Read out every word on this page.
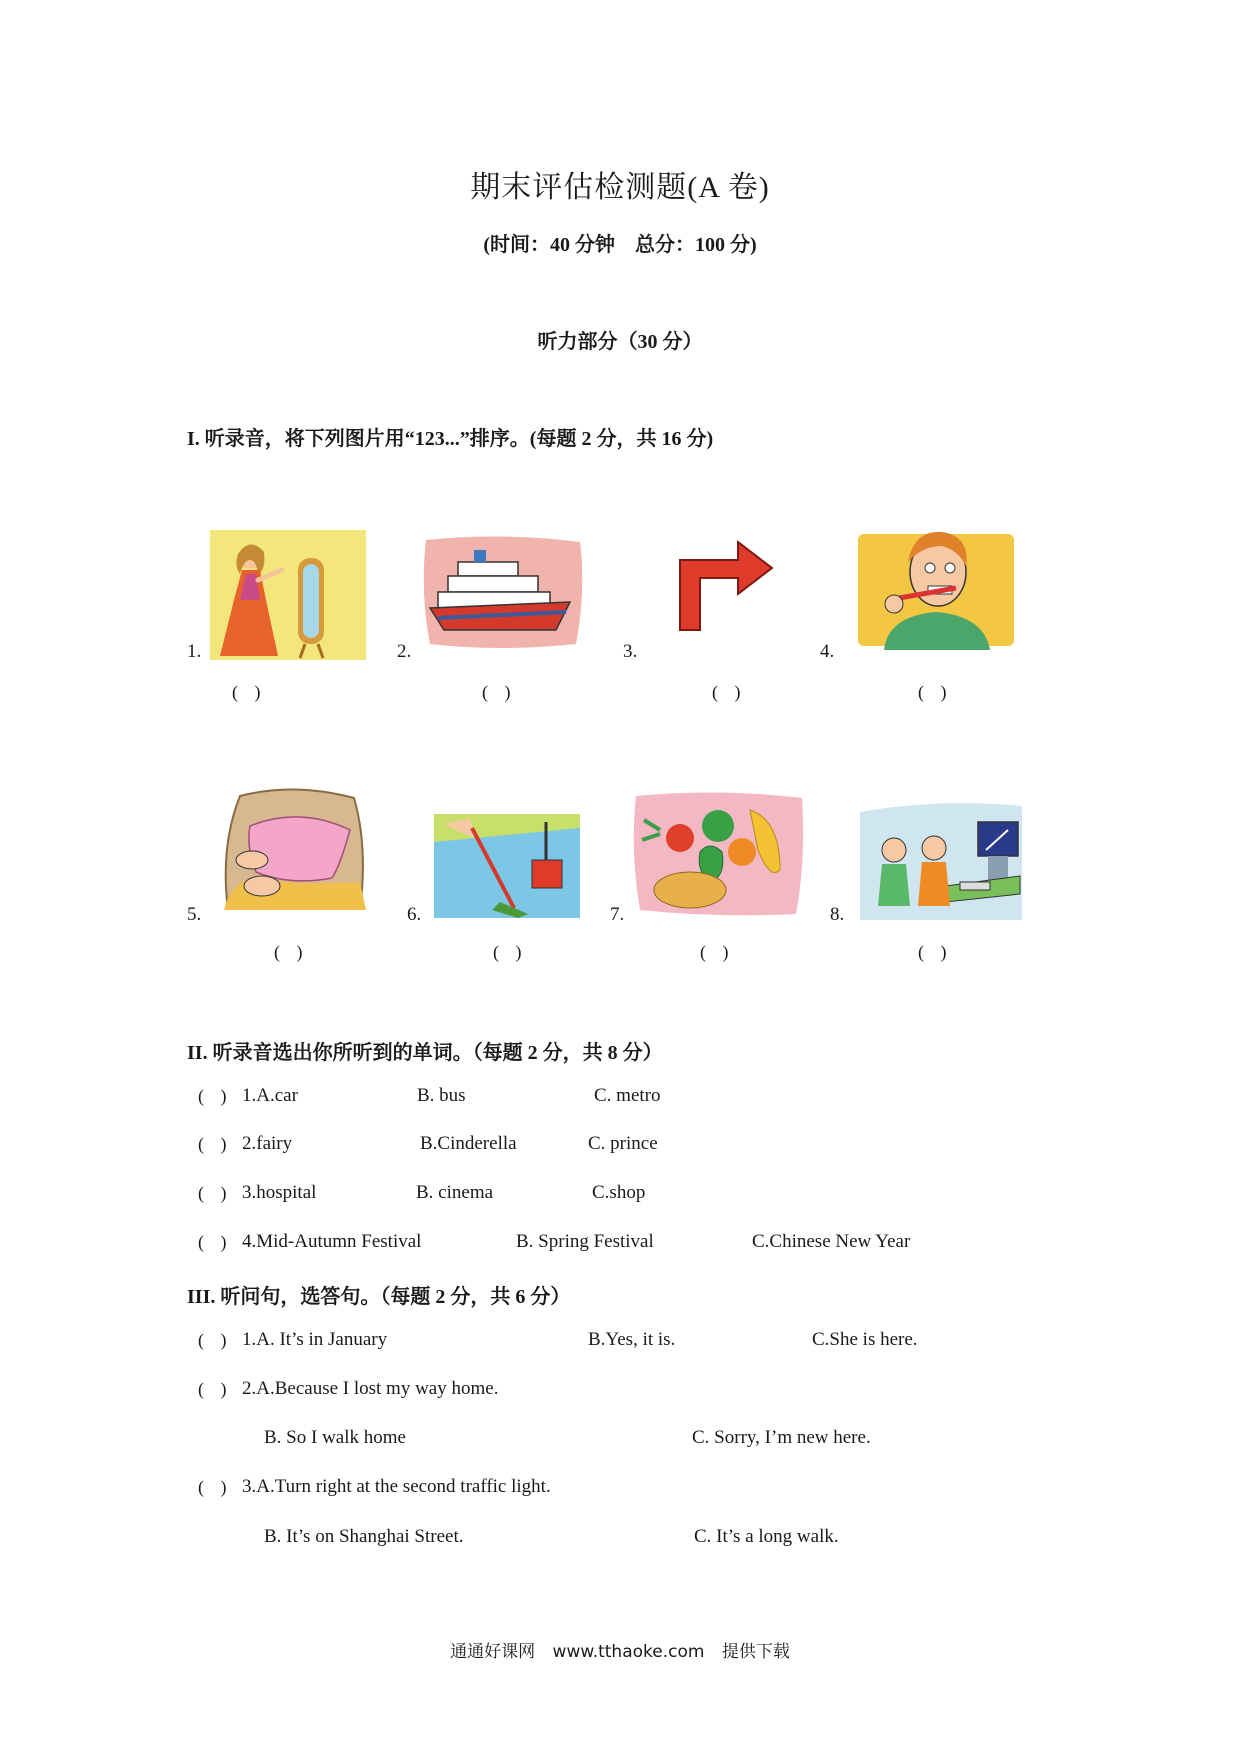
期末评估检测题(A 卷)
(时间：40 分钟　总分：100 分)
听力部分（30 分）
I. 听录音，将下列图片用“123...”排序。(每题 2 分，共 16 分)
1.
( )
2.
( )
3.
( )
4.
( )
5.
( )
6.
( )
7.
( )
8.
( )
II. 听录音选出你所听到的单词。（每题 2 分，共 8 分）
( ) 1.A.car	B. bus	C. metro
( ) 2.fairy	B.Cinderella	C. prince
( ) 3.hospital	B. cinema	C.shop
( ) 4.Mid-Autumn Festival	B. Spring Festival	C.Chinese New Year
III. 听问句，选答句。（每题 2 分，共 6 分）
( ) 1.A. It’s in January	B.Yes, it is.	C.She is here.
( ) 2.A.Because I lost my way home.
B. So I walk home	C. Sorry, I’m new here.
( ) 3.A.Turn right at the second traffic light.
B. It’s on Shanghai Street.	C. It’s a long walk.
通通好课网 www.tthaoke.com 提供下载
